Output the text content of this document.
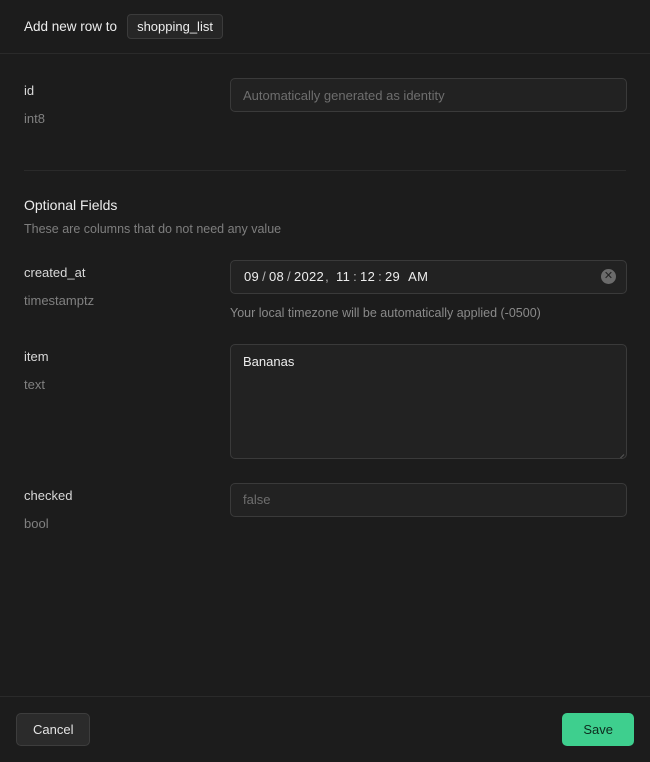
Add new row to	shopping_list
id
int8
Automatically generated as identity
Optional Fields
These are columns that do not need any value
created_at
timestamptz
09 / 08 / 2022 , 11 : 12 : 29 AM	✕
Your local timezone will be automatically applied (-0500)
item
text
Bananas
checked
bool
false
Cancel	Save
